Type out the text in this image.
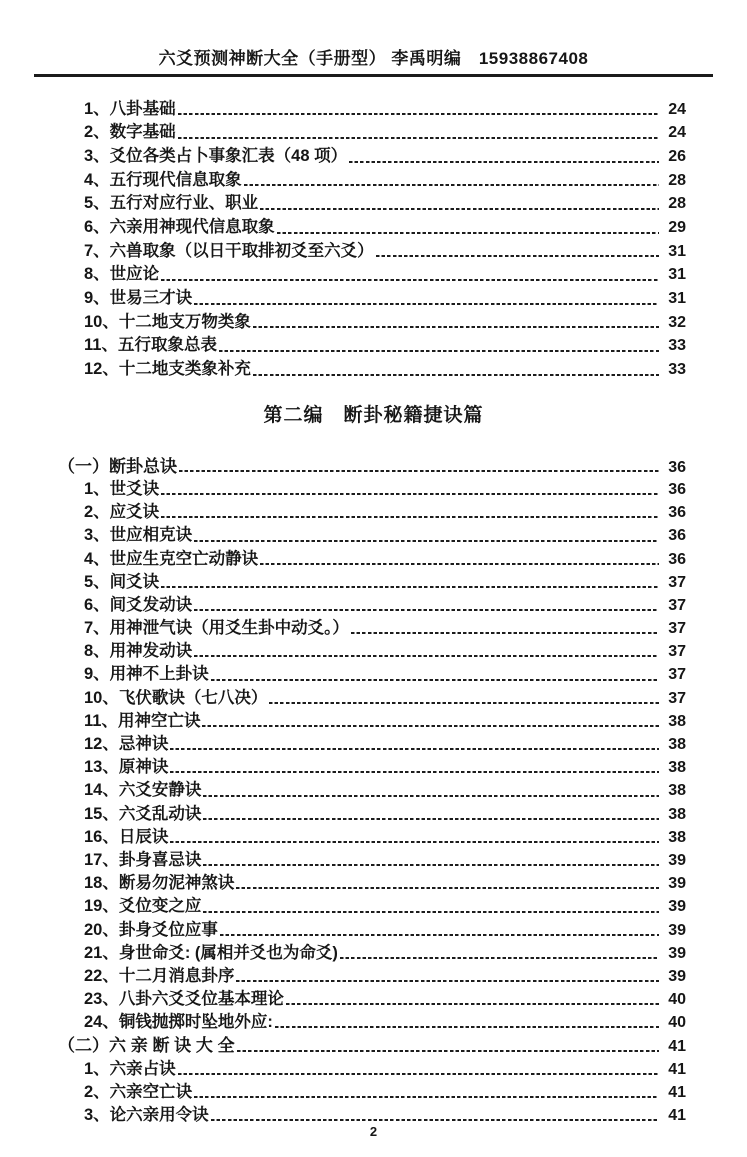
六爻预测神断大全（手册型） 李禹明编　15938867408
1、八卦基础	24
2、数字基础	24
3、爻位各类占卜事象汇表（48 项）	26
4、五行现代信息取象	28
5、五行对应行业、职业	28
6、六亲用神现代信息取象	29
7、六兽取象（以日干取排初爻至六爻）	31
8、世应论	31
9、世易三才诀	31
10、十二地支万物类象	32
11、五行取象总表	33
12、十二地支类象补充	33
第二编　断卦秘籍捷诀篇
（一）断卦总诀	36
1、世爻诀	36
2、应爻诀	36
3、世应相克诀	36
4、世应生克空亡动静诀	36
5、间爻诀	37
6、间爻发动诀	37
7、用神泄气诀（用爻生卦中动爻。）	37
8、用神发动诀	37
9、用神不上卦诀	37
10、飞伏歌诀（七八决）	37
11、用神空亡诀	38
12、忌神诀	38
13、原神诀	38
14、六爻安静诀	38
15、六爻乱动诀	38
16、日辰诀	38
17、卦身喜忌诀	39
18、断易勿泥神煞诀	39
19、爻位变之应	39
20、卦身爻位应事	39
21、身世命爻: (属相并爻也为命爻)	39
22、十二月消息卦序	39
23、八卦六爻爻位基本理论	40
24、铜钱抛掷时坠地外应:	40
（二）六 亲 断 诀 大 全	41
1、六亲占诀	41
2、六亲空亡诀	41
3、论六亲用令诀	41
2
